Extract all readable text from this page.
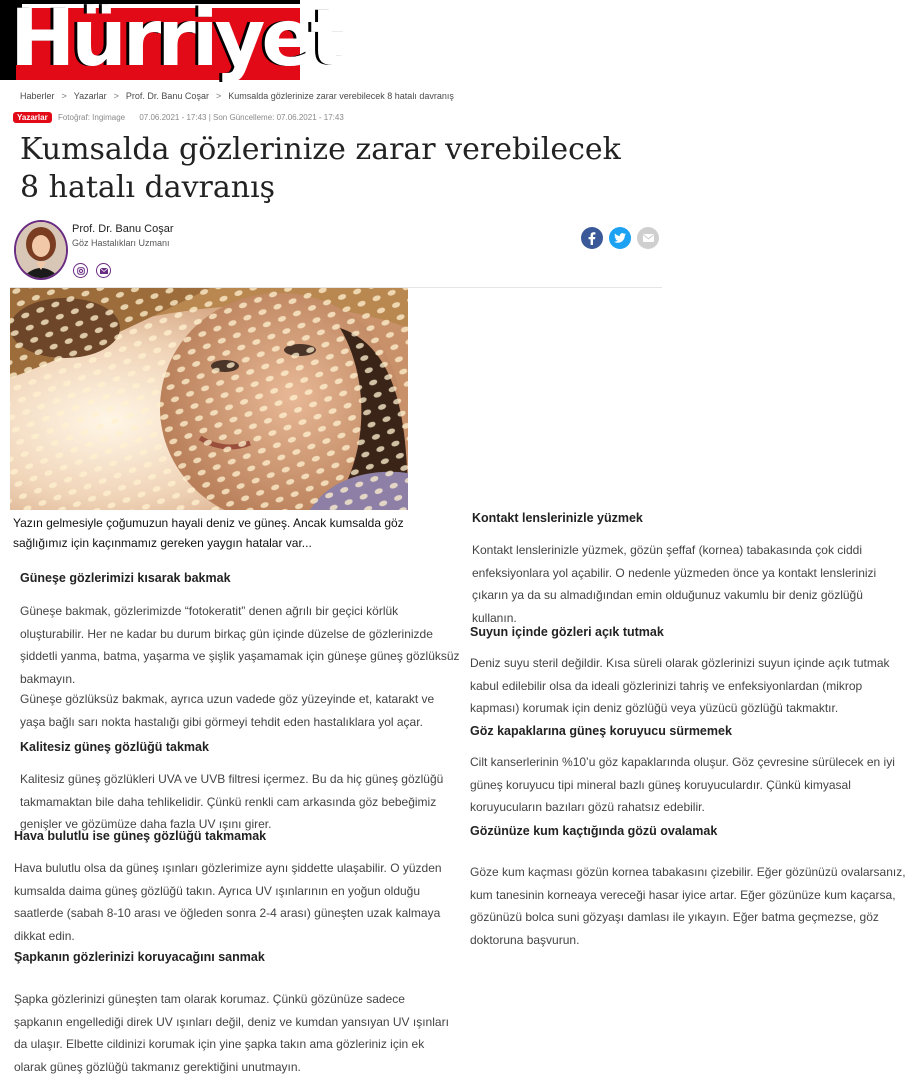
Hürriyet
Haberler > Yazarlar > Prof. Dr. Banu Coşar > Kumsalda gözlerinize zarar verebilecek 8 hatalı davranış
Yazarlar Fotoğraf: Ingimage 07.06.2021 - 17:43 | Son Güncelleme: 07.06.2021 - 17:43
Kumsalda gözlerinize zarar verebilecek
8 hatalı davranış
Prof. Dr. Banu Coşar
Göz Hastalıkları Uzmanı
Yazın gelmesiyle çoğumuzun hayali deniz ve güneş. Ancak kumsalda göz sağlığımız için kaçınmamız gereken yaygın hatalar var...
Güneşe gözlerimizi kısarak bakmak
Güneşe bakmak, gözlerimizde “fotokeratit” denen ağrılı bir geçici körlük oluşturabilir. Her ne kadar bu durum birkaç gün içinde düzelse de gözlerinizde şiddetli yanma, batma, yaşarma ve şişlik yaşamamak için güneşe güneş gözlüksüz bakmayın.
Güneşe gözlüksüz bakmak, ayrıca uzun vadede göz yüzeyinde et, katarakt ve yaşa bağlı sarı nokta hastalığı gibi görmeyi tehdit eden hastalıklara yol açar.
Kalitesiz güneş gözlüğü takmak
Kalitesiz güneş gözlükleri UVA ve UVB filtresi içermez. Bu da hiç güneş gözlüğü takmamaktan bile daha tehlikelidir. Çünkü renkli cam arkasında göz bebeğimiz genişler ve gözümüze daha fazla UV ışını girer.
Hava bulutlu ise güneş gözlüğü takmamak
Hava bulutlu olsa da güneş ışınları gözlerimize aynı şiddette ulaşabilir. O yüzden kumsalda daima güneş gözlüğü takın. Ayrıca UV ışınlarının en yoğun olduğu saatlerde (sabah 8-10 arası ve öğleden sonra 2-4 arası) güneşten uzak kalmaya dikkat edin.
Şapkanın gözlerinizi koruyacağını sanmak
Şapka gözlerinizi güneşten tam olarak korumaz. Çünkü gözünüze sadece şapkanın engellediği direk UV ışınları değil, deniz ve kumdan yansıyan UV ışınları da ulaşır. Elbette cildinizi korumak için yine şapka takın ama gözleriniz için ek olarak güneş gözlüğü takmanız gerektiğini unutmayın.
Kontakt lenslerinizle yüzmek
Kontakt lenslerinizle yüzmek, gözün şeffaf (kornea) tabakasında çok ciddi enfeksiyonlara yol açabilir. O nedenle yüzmeden önce ya kontakt lenslerinizi çıkarın ya da su almadığından emin olduğunuz vakumlu bir deniz gözlüğü kullanın.
Suyun içinde gözleri açık tutmak
Deniz suyu steril değildir. Kısa süreli olarak gözlerinizi suyun içinde açık tutmak kabul edilebilir olsa da ideali gözlerinizi tahriş ve enfeksiyonlardan (mikrop kapması) korumak için deniz gözlüğü veya yüzücü gözlüğü takmaktır.
Göz kapaklarına güneş koruyucu sürmemek
Cilt kanserlerinin %10’u göz kapaklarında oluşur. Göz çevresine sürülecek en iyi güneş koruyucu tipi mineral bazlı güneş koruyuculardır. Çünkü kimyasal koruyucuların bazıları gözü rahatsız edebilir.
Gözünüze kum kaçtığında gözü ovalamak
Göze kum kaçması gözün kornea tabakasını çizebilir. Eğer gözünüzü ovalarsanız, kum tanesinin korneaya vereceği hasar iyice artar. Eğer gözünüze kum kaçarsa, gözünüzü bolca suni gözyaşı damlası ile yıkayın. Eğer batma geçmezse, göz doktoruna başvurun.
